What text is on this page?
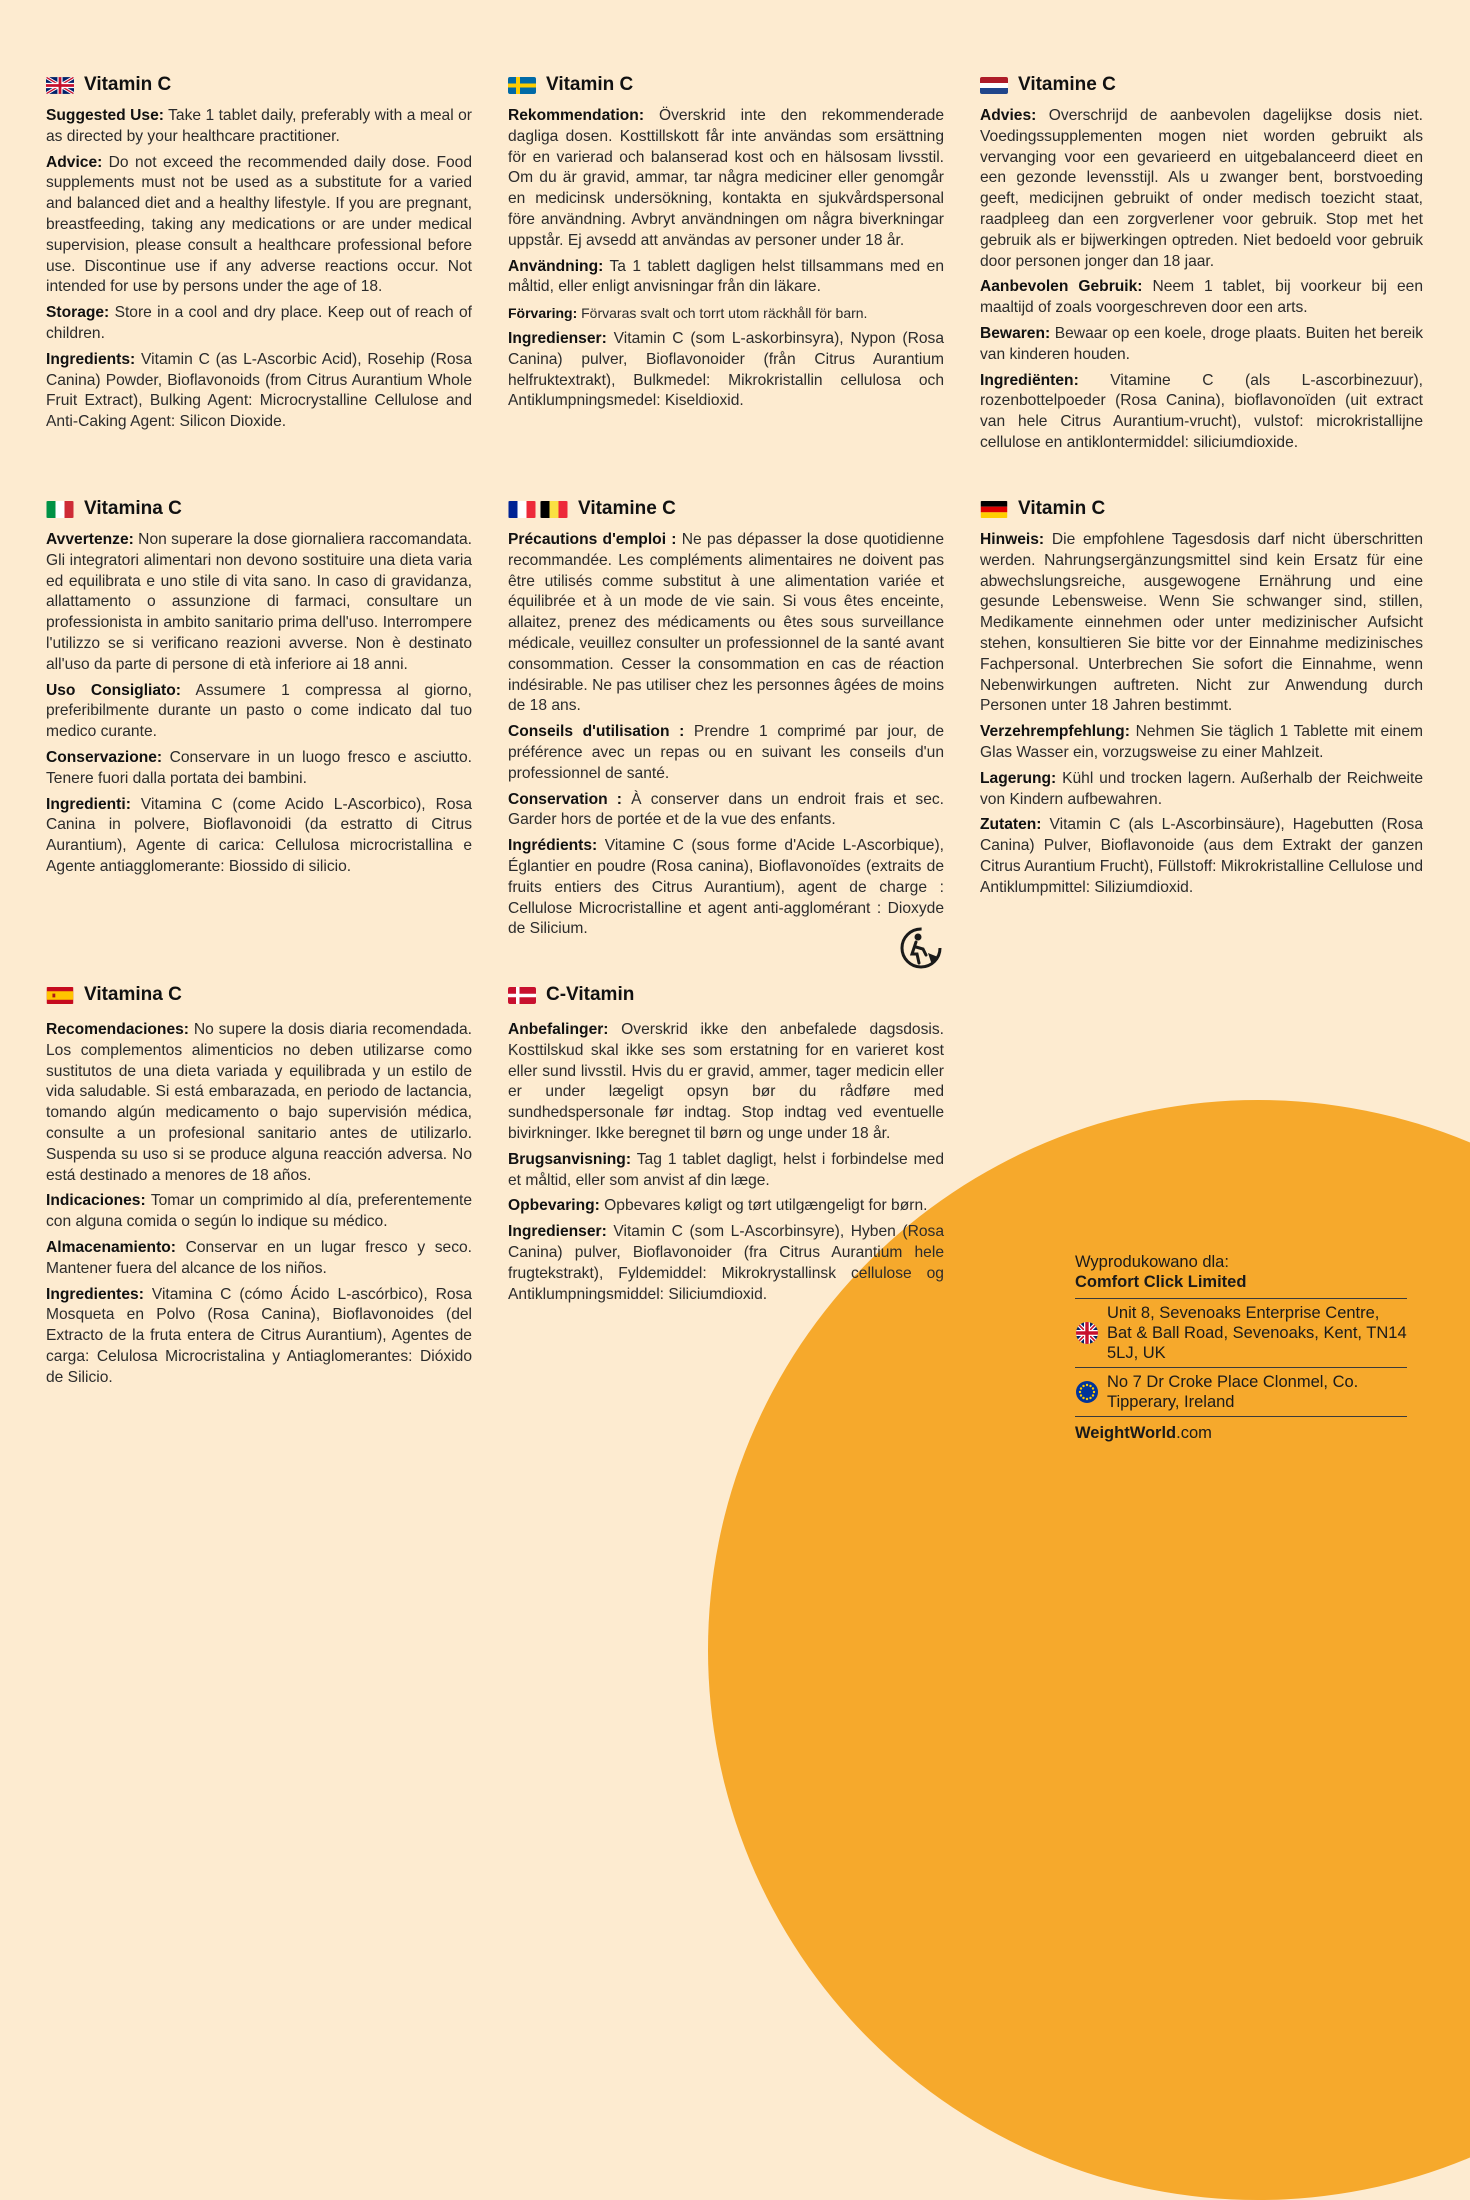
Vitamin C

Suggested Use: Take 1 tablet daily, preferably with a meal or as directed by your healthcare practitioner.

Advice: Do not exceed the recommended daily dose. Food supplements must not be used as a substitute for a varied and balanced diet and a healthy lifestyle. If you are pregnant, breastfeeding, taking any medications or are under medical supervision, please consult a healthcare professional before use. Discontinue use if any adverse reactions occur. Not intended for use by persons under the age of 18.

Storage: Store in a cool and dry place. Keep out of reach of children.

Ingredients: Vitamin C (as L-Ascorbic Acid), Rosehip (Rosa Canina) Powder, Bioflavonoids (from Citrus Aurantium Whole Fruit Extract), Bulking Agent: Microcrystalline Cellulose and Anti-Caking Agent: Silicon Dioxide.

Vitamin C

Rekommendation: Överskrid inte den rekommenderade dagliga dosen. Kosttillskott får inte användas som ersättning för en varierad och balanserad kost och en hälsosam livsstil. Om du är gravid, ammar, tar några mediciner eller genomgår en medicinsk undersökning, kontakta en sjukvårdspersonal före användning. Avbryt användningen om några biverkningar uppstår. Ej avsedd att användas av personer under 18 år.

Användning: Ta 1 tablett dagligen helst tillsammans med en måltid, eller enligt anvisningar från din läkare.

Förvaring: Förvaras svalt och torrt utom räckhåll för barn.

Ingredienser: Vitamin C (som L-askorbinsyra), Nypon (Rosa Canina) pulver, Bioflavonoider (från Citrus Aurantium helfruktextrakt), Bulkmedel: Mikrokristallin cellulosa och Antiklumpningsmedel: Kiseldioxid.

Vitamine C

Advies: Overschrijd de aanbevolen dagelijkse dosis niet. Voedingssupplementen mogen niet worden gebruikt als vervanging voor een gevarieerd en uitgebalanceerd dieet en een gezonde levensstijl. Als u zwanger bent, borstvoeding geeft, medicijnen gebruikt of onder medisch toezicht staat, raadpleeg dan een zorgverlener voor gebruik. Stop met het gebruik als er bijwerkingen optreden. Niet bedoeld voor gebruik door personen jonger dan 18 jaar.

Aanbevolen Gebruik: Neem 1 tablet, bij voorkeur bij een maaltijd of zoals voorgeschreven door een arts.

Bewaren: Bewaar op een koele, droge plaats. Buiten het bereik van kinderen houden.

Ingrediënten: Vitamine C (als L-ascorbinezuur), rozenbottelpoeder (Rosa Canina), bioflavonoïden (uit extract van hele Citrus Aurantium-vrucht), vulstof: microkristallijne cellulose en antiklontermiddel: siliciumdioxide.

Vitamina C

Avvertenze: Non superare la dose giornaliera raccomandata. Gli integratori alimentari non devono sostituire una dieta varia ed equilibrata e uno stile di vita sano. In caso di gravidanza, allattamento o assunzione di farmaci, consultare un professionista in ambito sanitario prima dell'uso. Interrompere l'utilizzo se si verificano reazioni avverse. Non è destinato all'uso da parte di persone di età inferiore ai 18 anni.

Uso Consigliato: Assumere 1 compressa al giorno, preferibilmente durante un pasto o come indicato dal tuo medico curante.

Conservazione: Conservare in un luogo fresco e asciutto. Tenere fuori dalla portata dei bambini.

Ingredienti: Vitamina C (come Acido L-Ascorbico), Rosa Canina in polvere, Bioflavonoidi (da estratto di Citrus Aurantium), Agente di carica: Cellulosa microcristallina e Agente antiagglomerante: Biossido di silicio.

Vitamine C

Précautions d'emploi : Ne pas dépasser la dose quotidienne recommandée. Les compléments alimentaires ne doivent pas être utilisés comme substitut à une alimentation variée et équilibrée et à un mode de vie sain. Si vous êtes enceinte, allaitez, prenez des médicaments ou êtes sous surveillance médicale, veuillez consulter un professionnel de la santé avant consommation. Cesser la consommation en cas de réaction indésirable. Ne pas utiliser chez les personnes âgées de moins de 18 ans.

Conseils d'utilisation : Prendre 1 comprimé par jour, de préférence avec un repas ou en suivant les conseils d'un professionnel de santé.

Conservation : À conserver dans un endroit frais et sec. Garder hors de portée et de la vue des enfants.

Ingrédients: Vitamine C (sous forme d'Acide L-Ascorbique), Églantier en poudre (Rosa canina), Bioflavonoïdes (extraits de fruits entiers des Citrus Aurantium), agent de charge : Cellulose Microcristalline et agent anti-agglomérant : Dioxyde de Silicium.

Vitamin C

Hinweis: Die empfohlene Tagesdosis darf nicht überschritten werden. Nahrungsergänzungsmittel sind kein Ersatz für eine abwechslungsreiche, ausgewogene Ernährung und eine gesunde Lebensweise. Wenn Sie schwanger sind, stillen, Medikamente einnehmen oder unter medizinischer Aufsicht stehen, konsultieren Sie bitte vor der Einnahme medizinisches Fachpersonal. Unterbrechen Sie sofort die Einnahme, wenn Nebenwirkungen auftreten. Nicht zur Anwendung durch Personen unter 18 Jahren bestimmt.

Verzehrempfehlung: Nehmen Sie täglich 1 Tablette mit einem Glas Wasser ein, vorzugsweise zu einer Mahlzeit.

Lagerung: Kühl und trocken lagern. Außerhalb der Reichweite von Kindern aufbewahren.

Zutaten: Vitamin C (als L-Ascorbinsäure), Hagebutten (Rosa Canina) Pulver, Bioflavonoide (aus dem Extrakt der ganzen Citrus Aurantium Frucht), Füllstoff: Mikrokristalline Cellulose und Antiklumpmittel: Siliziumdioxid.

Vitamina C

Recomendaciones: No supere la dosis diaria recomendada. Los complementos alimenticios no deben utilizarse como sustitutos de una dieta variada y equilibrada y un estilo de vida saludable. Si está embarazada, en periodo de lactancia, tomando algún medicamento o bajo supervisión médica, consulte a un profesional sanitario antes de utilizarlo. Suspenda su uso si se produce alguna reacción adversa. No está destinado a menores de 18 años.

Indicaciones: Tomar un comprimido al día, preferentemente con alguna comida o según lo indique su médico.

Almacenamiento: Conservar en un lugar fresco y seco. Mantener fuera del alcance de los niños.

Ingredientes: Vitamina C (cómo Ácido L-ascórbico), Rosa Mosqueta en Polvo (Rosa Canina), Bioflavonoides (del Extracto de la fruta entera de Citrus Aurantium), Agentes de carga: Celulosa Microcristalina y Antiaglomerantes: Dióxido de Silicio.

C-Vitamin

Anbefalinger: Overskrid ikke den anbefalede dagsdosis. Kosttilskud skal ikke ses som erstatning for en varieret kost eller sund livsstil. Hvis du er gravid, ammer, tager medicin eller er under lægeligt opsyn bør du rådføre med sundhedspersonale før indtag. Stop indtag ved eventuelle bivirkninger. Ikke beregnet til børn og unge under 18 år.

Brugsanvisning: Tag 1 tablet dagligt, helst i forbindelse med et måltid, eller som anvist af din læge.

Opbevaring: Opbevares køligt og tørt utilgængeligt for børn.

Ingredienser: Vitamin C (som L-Ascorbinsyre), Hyben (Rosa Canina) pulver, Bioflavonoider (fra Citrus Aurantium hele frugtekstrakt), Fyldemiddel: Mikrokrystallinsk cellulose og Antiklumpningsmiddel: Siliciumdioxid.

Wyprodukowano dla:
Comfort Click Limited
Unit 8, Sevenoaks Enterprise Centre, Bat & Ball Road, Sevenoaks, Kent, TN14 5LJ, UK
No 7 Dr Croke Place Clonmel, Co. Tipperary, Ireland
WeightWorld.com
